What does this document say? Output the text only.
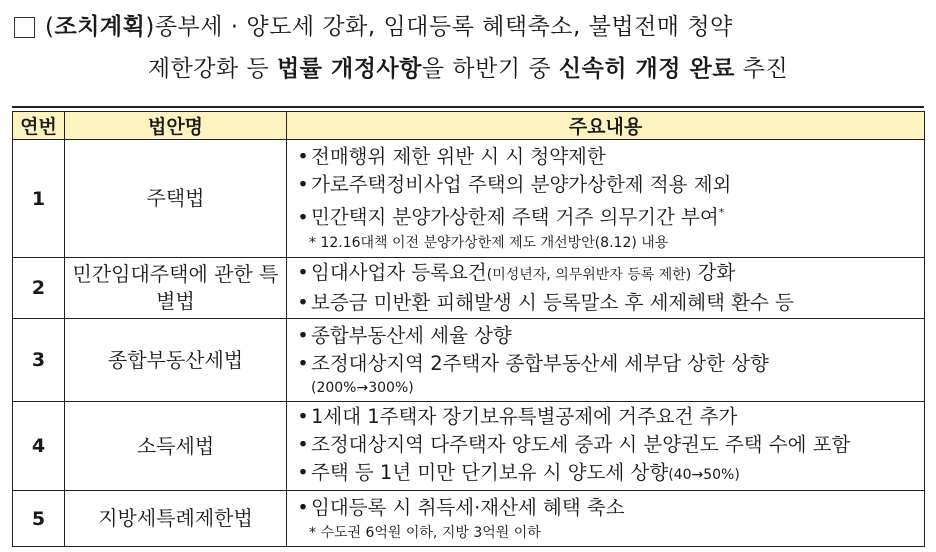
( 조치계획 ) 종부세 · 양도세 강화, 임대등록 혜택축소, 불법전매 청약
제한강화 등 법률 개정사항을 하반기 중 신속히 개정 완료 추진
연번	법안명	주요내용
1	주택법	• 전매행위 제한 위반 시 시 청약제한
• 가로주택정비사업 주택의 분양가상한제 적용 제외
• 민간택지 분양가상한제 주택 거주 의무기간 부여*
* 12.16대책 이전 분양가상한제 제도 개선방안(8.12) 내용

2	민간임대주택에 관한 특별법	• 임대사업자 등록요건(미성년자, 의무위반자 등록 제한) 강화
• 보증금 미반환 피해발생 시 등록말소 후 세제혜택 환수 등

3	종합부동산세법	• 종합부동산세 세율 상향
• 조정대상지역 2주택자 종합부동산세 세부담 상한 상향
(200%→300%)

4	소득세법	• 1세대 1주택자 장기보유특별공제에 거주요건 추가
• 조정대상지역 다주택자 양도세 중과 시 분양권도 주택 수에 포함
• 주택 등 1년 미만 단기보유 시 양도세 상향(40→50%)

5	지방세특례제한법	• 임대등록 시 취득세·재산세 혜택 축소
* 수도권 6억원 이하, 지방 3억원 이하
